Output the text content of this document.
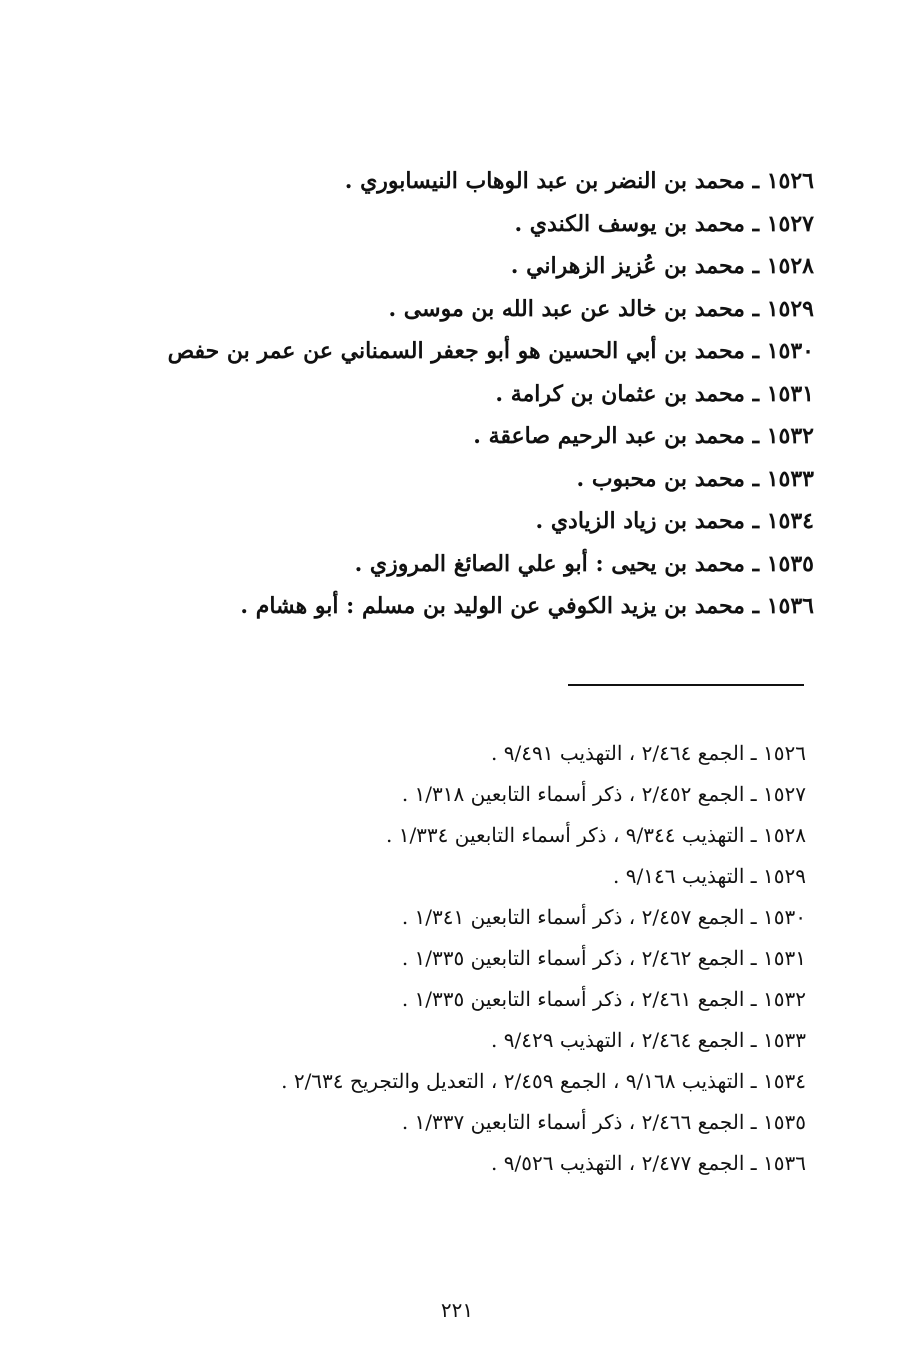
١٥٢٦ ـ محمد بن النضر بن عبد الوهاب النيسابوري .
١٥٢٧ ـ محمد بن يوسف الكندي .
١٥٢٨ ـ محمد بن عُزيز الزهراني .
١٥٢٩ ـ محمد بن خالد عن عبد الله بن موسى .
١٥٣٠ ـ محمد بن أبي الحسين هو أبو جعفر السمناني عن عمر بن حفص
١٥٣١ ـ محمد بن عثمان بن كرامة .
١٥٣٢ ـ محمد بن عبد الرحيم صاعقة .
١٥٣٣ ـ محمد بن محبوب .
١٥٣٤ ـ محمد بن زياد الزيادي .
١٥٣٥ ـ محمد بن يحيى : أبو علي الصائغ المروزي .
١٥٣٦ ـ محمد بن يزيد الكوفي عن الوليد بن مسلم : أبو هشام .
١٥٢٦ ـ الجمع ٢/٤٦٤ ، التهذيب ٩/٤٩١ .
١٥٢٧ ـ الجمع ٢/٤٥٢ ، ذكر أسماء التابعين ١/٣١٨ .
١٥٢٨ ـ التهذيب ٩/٣٤٤ ، ذكر أسماء التابعين ١/٣٣٤ .
١٥٢٩ ـ التهذيب ٩/١٤٦ .
١٥٣٠ ـ الجمع ٢/٤٥٧ ، ذكر أسماء التابعين ١/٣٤١ .
١٥٣١ ـ الجمع ٢/٤٦٢ ، ذكر أسماء التابعين ١/٣٣٥ .
١٥٣٢ ـ الجمع ٢/٤٦١ ، ذكر أسماء التابعين ١/٣٣٥ .
١٥٣٣ ـ الجمع ٢/٤٦٤ ، التهذيب ٩/٤٢٩ .
١٥٣٤ ـ التهذيب ٩/١٦٨ ، الجمع ٢/٤٥٩ ، التعديل والتجريح ٢/٦٣٤ .
١٥٣٥ ـ الجمع ٢/٤٦٦ ، ذكر أسماء التابعين ١/٣٣٧ .
١٥٣٦ ـ الجمع ٢/٤٧٧ ، التهذيب ٩/٥٢٦ .
٢٢١
